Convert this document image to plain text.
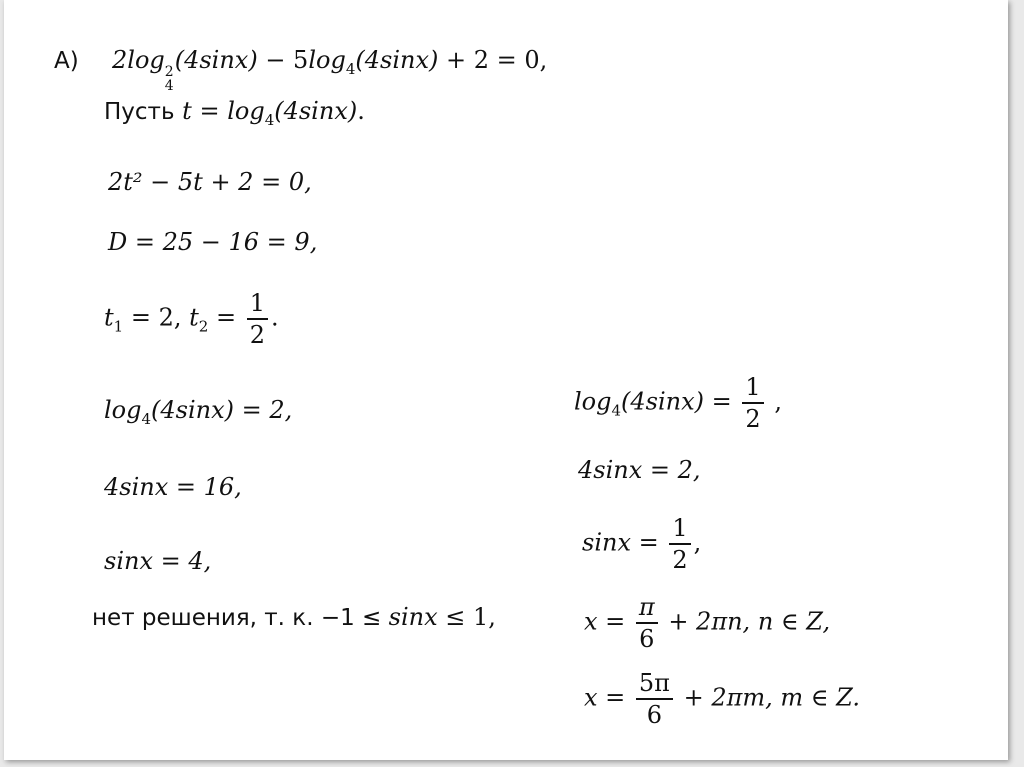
А) 2log 2
4
$(4\sin x) - 5\log_4(4\sin x) + 2 = 0$,
Пусть $t = \log_4(4\sin x)$.
2t² − 5t + 2 = 0,
D = 25 − 16 = 9,
$t_1 = 2$, $t_2 = \frac{1}{2}$ .
$\log_4(4\sin x) = 2$,
4sinx = 16,
sinx = 4,
нет решения, т. к. −1 ≤ sinx ≤ 1,
$\log_4(4\sin x) = \frac{1}{2}$ ,
4sinx = 2,
$\sin x = \frac{1}{2}$ ,
$x = \frac{\pi}{6} + 2\pi n$, n ∈ Z,
$x = \frac{5\pi}{6} + 2\pi m$, m ∈ Z.
